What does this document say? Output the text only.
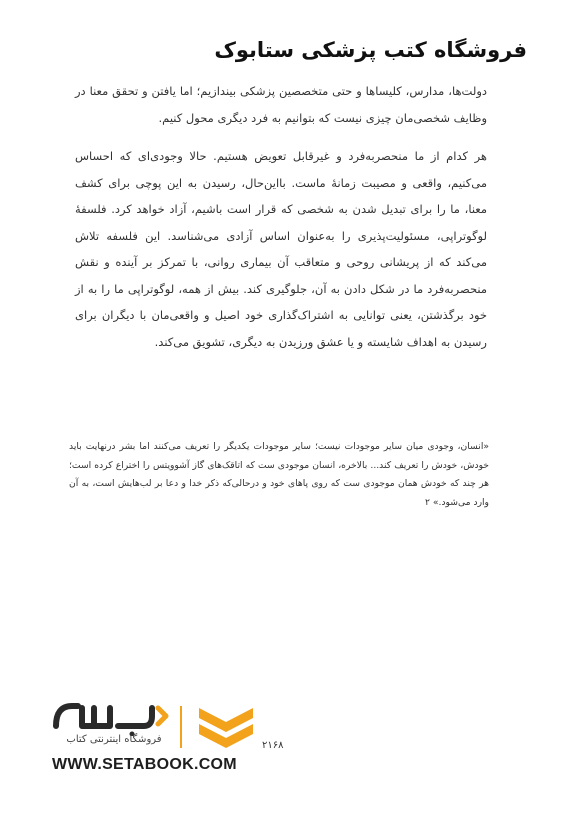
فروشگاه کتب پزشکی ستابوک

دولت‌ها، مدارس، کلیساها و حتی متخصصین پزشکی بیندازیم؛ اما یافتن و تحقق معنا در وظایف شخصی‌مان چیزی نیست که بتوانیم به فرد دیگری محول کنیم.

هر کدام از ما منحصربه‌فرد و غیرقابل تعویض هستیم. حالا وجودی‌ای که احساس می‌کنیم، واقعی و مصیبت زمانهٔ ماست. بااین‌حال، رسیدن به این پوچی برای کشف معنا، ما را برای تبدیل شدن به شخصی که قرار است باشیم، آزاد خواهد کرد. فلسفهٔ لوگوتراپی، مسئولیت‌پذیری را به‌عنوان اساس آزادی می‌شناسد. این فلسفه تلاش می‌کند که از پریشانی روحی و متعاقب آن بیماری روانی، با تمرکز بر آینده و نقش منحصربه‌فرد ما در شکل دادن به آن، جلوگیری کند. بیش از همه، لوگوتراپی ما را به از خود برگذشتن، یعنی توانایی به اشتراک‌گذاری خود اصیل و واقعی‌مان با دیگران برای رسیدن به اهداف شایسته و یا عشق ورزیدن به دیگری، تشویق می‌کند.

«انسان، وجودی میان سایر موجودات نیست؛ سایر موجودات یکدیگر را تعریف می‌کنند اما بشر درنهایت باید خودش، خودش را تعریف کند... بالاخره، انسان موجودی ست که اتاقک‌های گاز آشوویتس را اختراع کرده است؛ هر چند که خودش همان موجودی ست که روی پاهای خود و درحالی‌که ذکر خدا و دعا بر لب‌هایش است، به آن وارد می‌شود.» ۲
۲۱۶۸
فروشگاه اینترنتی کتاب
WWW.SETABOOK.COM
